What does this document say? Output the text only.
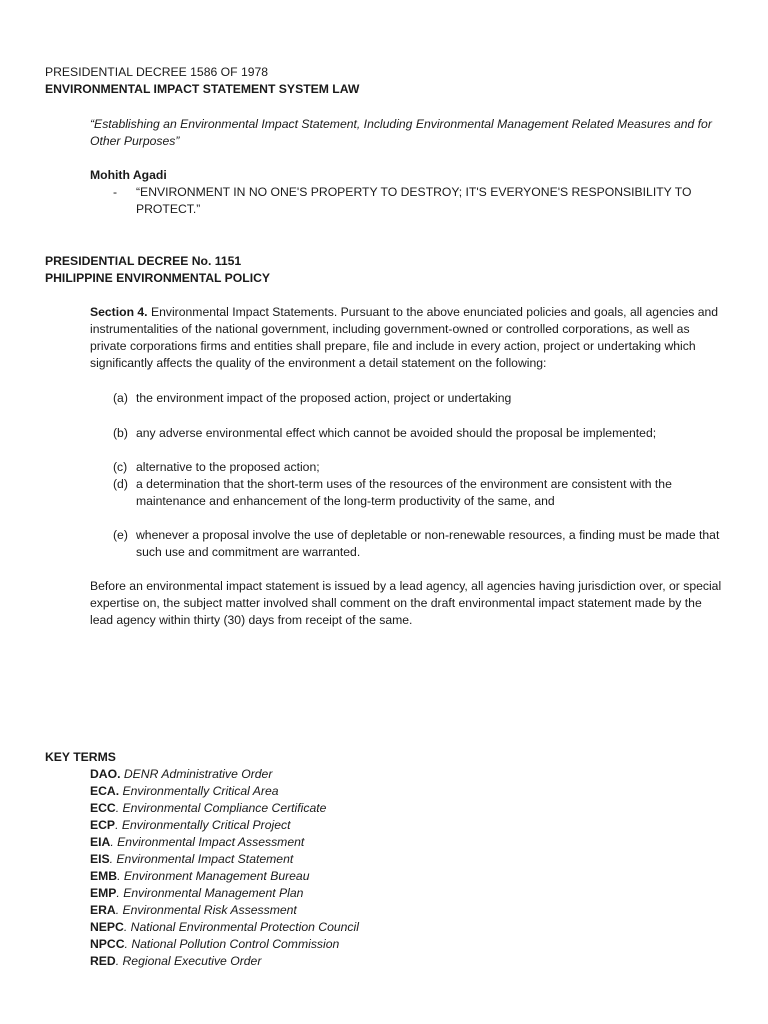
PRESIDENTIAL DECREE 1586 OF 1978
ENVIRONMENTAL IMPACT STATEMENT SYSTEM LAW
“Establishing an Environmental Impact Statement, Including Environmental Management Related Measures and for Other Purposes”
Mohith Agadi
- “ENVIRONMENT IN NO ONE'S PROPERTY TO DESTROY; IT'S EVERYONE'S RESPONSIBILITY TO PROTECT.”
PRESIDENTIAL DECREE No. 1151
PHILIPPINE ENVIRONMENTAL POLICY
Section 4. Environmental Impact Statements. Pursuant to the above enunciated policies and goals, all agencies and instrumentalities of the national government, including government-owned or controlled corporations, as well as private corporations firms and entities shall prepare, file and include in every action, project or undertaking which significantly affects the quality of the environment a detail statement on the following:
(a) the environment impact of the proposed action, project or undertaking
(b) any adverse environmental effect which cannot be avoided should the proposal be implemented;
(c) alternative to the proposed action;
(d) a determination that the short-term uses of the resources of the environment are consistent with the maintenance and enhancement of the long-term productivity of the same, and
(e) whenever a proposal involve the use of depletable or non-renewable resources, a finding must be made that such use and commitment are warranted.
Before an environmental impact statement is issued by a lead agency, all agencies having jurisdiction over, or special expertise on, the subject matter involved shall comment on the draft environmental impact statement made by the lead agency within thirty (30) days from receipt of the same.
KEY TERMS
DAO. DENR Administrative Order
ECA. Environmentally Critical Area
ECC. Environmental Compliance Certificate
ECP. Environmentally Critical Project
EIA. Environmental Impact Assessment
EIS. Environmental Impact Statement
EMB. Environment Management Bureau
EMP. Environmental Management Plan
ERA. Environmental Risk Assessment
NEPC. National Environmental Protection Council
NPCC. National Pollution Control Commission
RED. Regional Executive Order
